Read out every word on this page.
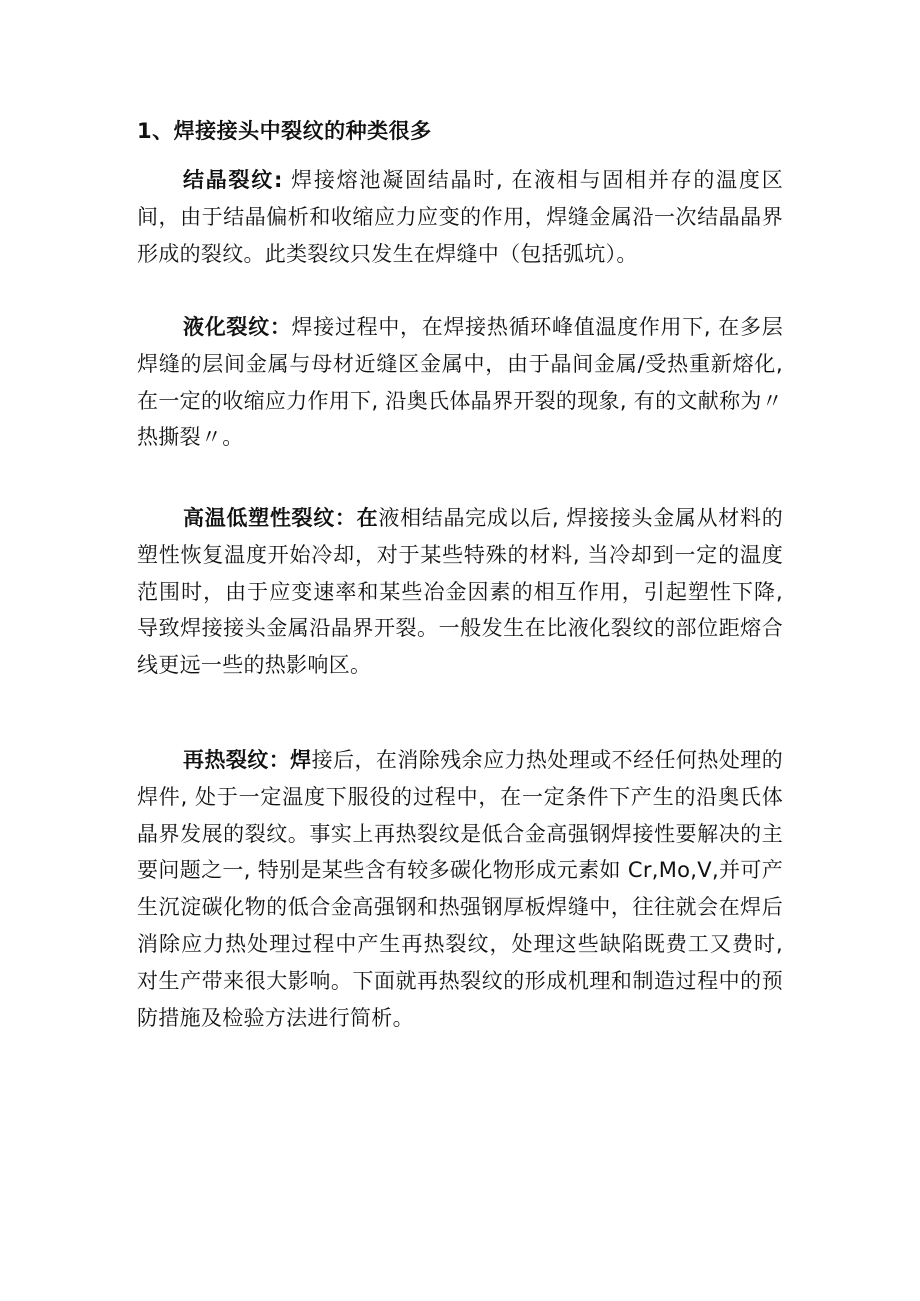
1、焊接接头中裂纹的种类很多

结晶裂纹: 焊接熔池凝固结晶时, 在液相与固相并存的温度区间，由于结晶偏析和收缩应力应变的作用，焊缝金属沿一次结晶晶界形成的裂纹。此类裂纹只发生在焊缝中（包括弧坑）。

液化裂纹：焊接过程中，在焊接热循环峰值温度作用下, 在多层焊缝的层间金属与母材近缝区金属中，由于晶间金属/受热重新熔化, 在一定的收缩应力作用下, 沿奥氏体晶界开裂的现象, 有的文献称为〃热撕裂〃。

高温低塑性裂纹：在液相结晶完成以后, 焊接接头金属从材料的塑性恢复温度开始冷却，对于某些特殊的材料, 当冷却到一定的温度范围时，由于应变速率和某些冶金因素的相互作用，引起塑性下降, 导致焊接接头金属沿晶界开裂。一般发生在比液化裂纹的部位距熔合线更远一些的热影响区。

再热裂纹：焊接后，在消除残余应力热处理或不经任何热处理的焊件, 处于一定温度下服役的过程中，在一定条件下产生的沿奥氏体晶界发展的裂纹。事实上再热裂纹是低合金高强钢焊接性要解决的主要问题之一, 特别是某些含有较多碳化物形成元素如 Cr,Mo,V,并可产生沉淀碳化物的低合金高强钢和热强钢厚板焊缝中，往往就会在焊后消除应力热处理过程中产生再热裂纹，处理这些缺陷既费工又费时, 对生产带来很大影响。下面就再热裂纹的形成机理和制造过程中的预防措施及检验方法进行简析。
